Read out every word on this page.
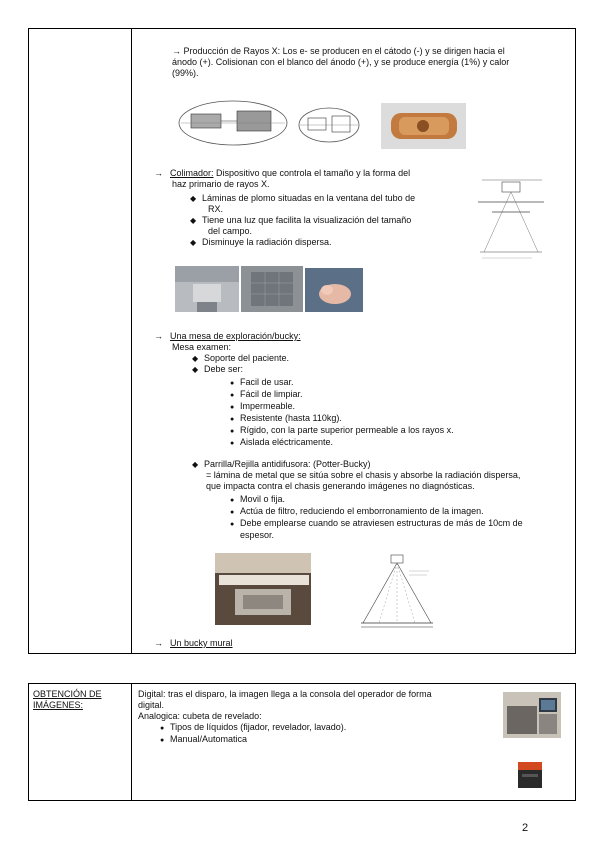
→ Producción de Rayos X: Los e- se producen en el cátodo (-) y se dirigen hacia el
ánodo (+). Colisionan con el blanco del ánodo (+), y se produce energía (1%) y calor
(99%).
→ Colimador: Dispositivo que controla el tamaño y la forma del
haz primario de rayos X.
◆ Láminas de plomo situadas en la ventana del tubo de
RX.
◆ Tiene una luz que facilita la visualización del tamaño
del campo.
◆ Disminuye la radiación dispersa.
→ Una mesa de exploración/bucky:
Mesa examen:
◆ Soporte del paciente.
◆ Debe ser:
● Facil de usar.
● Fácil de limpiar.
● Impermeable.
● Resistente (hasta 110kg).
● Rígido, con la parte superior permeable a los rayos x.
● Aislada eléctricamente.
◆ Parrilla/Rejilla antidifusora: (Potter-Bucky)
= lámina de metal que se sitúa sobre el chasis y absorbe la radiación dispersa,
que impacta contra el chasis generando imágenes no diagnósticas.
● Movil o fija.
● Actúa de filtro, reduciendo el emborronamiento de la imagen.
● Debe emplearse cuando se atraviesen estructuras de más de 10cm de
espesor.
→ Un bucky mural
OBTENCIÓN DE
IMÁGENES:
Digital: tras el disparo, la imagen llega a la consola del operador de forma
digital.
Analogica: cubeta de revelado:
● Tipos de líquidos (fijador, revelador, lavado).
● Manual/Automatica
2
